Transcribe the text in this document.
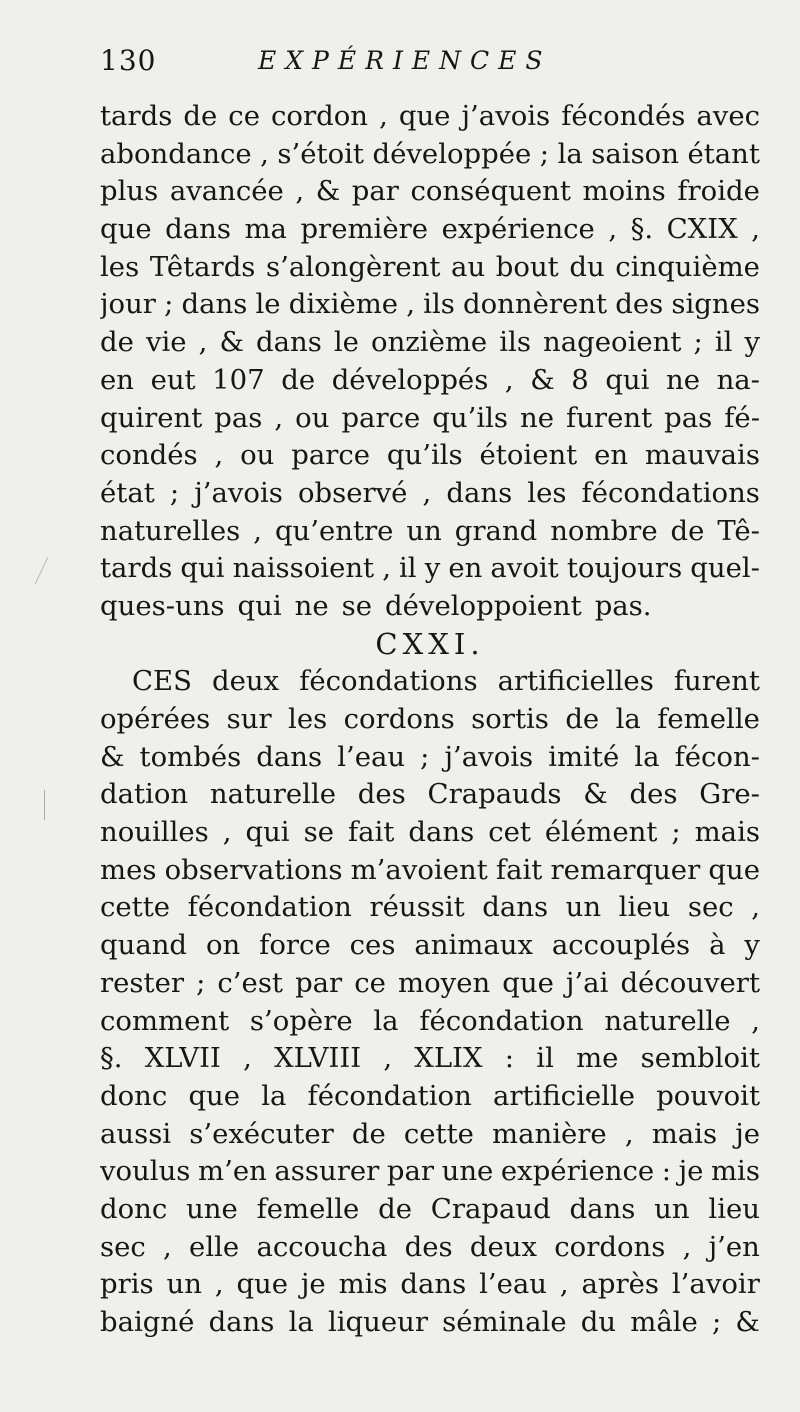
130	EXPÉRIENCES
tards de ce cordon , que j’avois fécondés avec
abondance , s’étoit développée ; la saison étant
plus avancée , & par conséquent moins froide
que dans ma première expérience , §. CXIX ,
les Têtards s’alongèrent au bout du cinquième
jour ; dans le dixième , ils donnèrent des signes
de vie , & dans le onzième ils nageoient ; il y
en eut 107 de développés , & 8 qui ne na-
quirent pas , ou parce qu’ils ne furent pas fé-
condés , ou parce qu’ils étoient en mauvais
état ; j’avois observé , dans les fécondations
naturelles , qu’entre un grand nombre de Tê-
tards qui naissoient , il y en avoit toujours quel-
ques-uns qui ne se développoient pas.
CXXI.
CES deux fécondations artificielles furent
opérées sur les cordons sortis de la femelle
& tombés dans l’eau ; j’avois imité la fécon-
dation naturelle des Crapauds & des Gre-
nouilles , qui se fait dans cet élément ; mais
mes observations m’avoient fait remarquer que
cette fécondation réussit dans un lieu sec ,
quand on force ces animaux accouplés à y
rester ; c’est par ce moyen que j’ai découvert
comment s’opère la fécondation naturelle ,
§. XLVII , XLVIII , XLIX : il me sembloit
donc que la fécondation artificielle pouvoit
aussi s’exécuter de cette manière , mais je
voulus m’en assurer par une expérience : je mis
donc une femelle de Crapaud dans un lieu
sec , elle accoucha des deux cordons , j’en
pris un , que je mis dans l’eau , après l’avoir
baigné dans la liqueur séminale du mâle ; &
